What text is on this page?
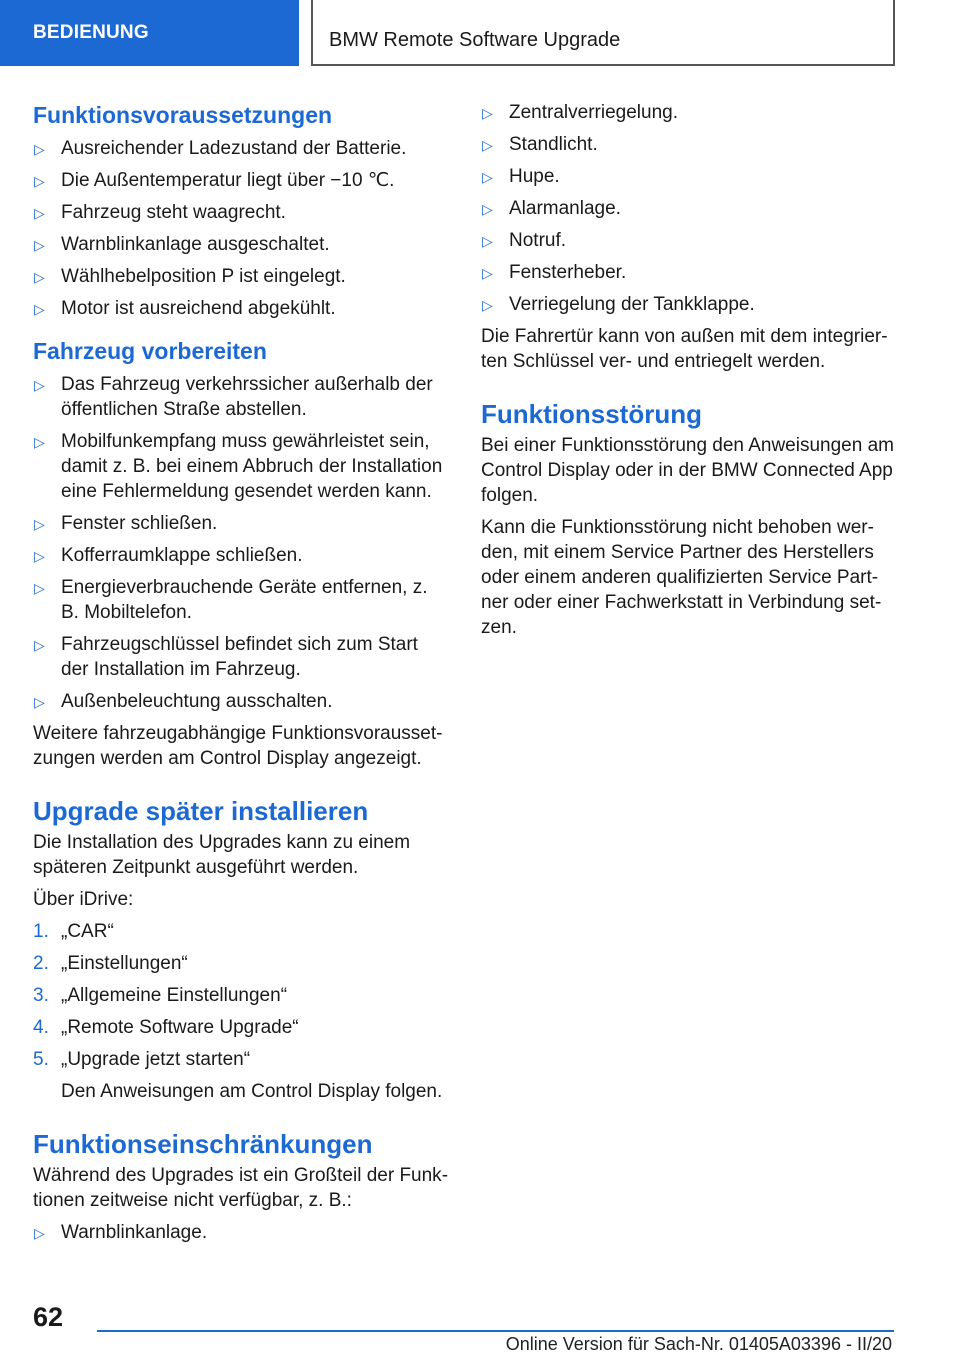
BEDIENUNG	BMW Remote Software Upgrade
Funktionsvoraussetzungen
▷ Ausreichender Ladezustand der Batterie.
▷ Die Außentemperatur liegt über −10 ℃.
▷ Fahrzeug steht waagrecht.
▷ Warnblinkanlage ausgeschaltet.
▷ Wählhebelposition P ist eingelegt.
▷ Motor ist ausreichend abgekühlt.
Fahrzeug vorbereiten
▷ Das Fahrzeug verkehrssicher außerhalb der öffentlichen Straße abstellen.
▷ Mobilfunkempfang muss gewährleistet sein, damit z. B. bei einem Abbruch der Installation eine Fehlermeldung gesendet werden kann.
▷ Fenster schließen.
▷ Kofferraumklappe schließen.
▷ Energieverbrauchende Geräte entfernen, z. B. Mobiltelefon.
▷ Fahrzeugschlüssel befindet sich zum Start der Installation im Fahrzeug.
▷ Außenbeleuchtung ausschalten.

Weitere fahrzeugabhängige Funktionsvoraussetzungen werden am Control Display angezeigt.

Upgrade später installieren

Die Installation des Upgrades kann zu einem späteren Zeitpunkt ausgeführt werden.

Über iDrive:

1. „CAR“
2. „Einstellungen“
3. „Allgemeine Einstellungen“
4. „Remote Software Upgrade“
5. „Upgrade jetzt starten“
Den Anweisungen am Control Display folgen.
Funktionseinschränkungen

Während des Upgrades ist ein Großteil der Funktionen zeitweise nicht verfügbar, z. B.:

▷ Warnblinkanlage.
▷ Zentralverriegelung.
▷ Standlicht.
▷ Hupe.
▷ Alarmanlage.
▷ Notruf.
▷ Fensterheber.
▷ Verriegelung der Tankklappe.

Die Fahrertür kann von außen mit dem integrierten Schlüssel ver- und entriegelt werden.

Funktionsstörung

Bei einer Funktionsstörung den Anweisungen am Control Display oder in der BMW Connected App folgen.

Kann die Funktionsstörung nicht behoben werden, mit einem Service Partner des Herstellers oder einem anderen qualifizierten Service Partner oder einer Fachwerkstatt in Verbindung setzen.

62
Online Version für Sach-Nr. 01405A03396 - II/20
